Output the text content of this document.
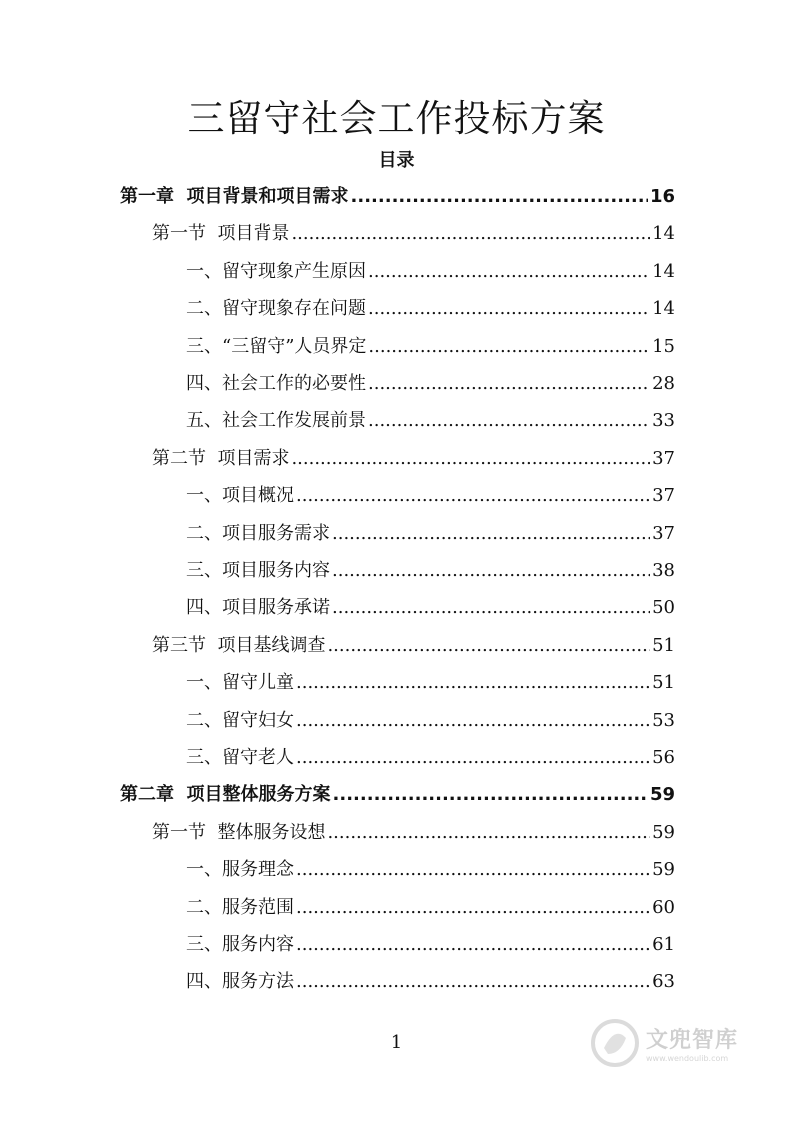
三留守社会工作投标方案
目录
第一章  项目背景和项目需求 .....	16
第一节  项目背景 .....	14
一、留守现象产生原因 .....	14
二、留守现象存在问题 .....	14
三、“三留守”人员界定 .....	15
四、社会工作的必要性 .....	28
五、社会工作发展前景 .....	33
第二节  项目需求 .....	37
一、项目概况 .....	37
二、项目服务需求 .....	37
三、项目服务内容 .....	38
四、项目服务承诺 .....	50
第三节  项目基线调查 .....	51
一、留守儿童 .....	51
二、留守妇女 .....	53
三、留守老人 .....	56
第二章  项目整体服务方案 .....	59
第一节  整体服务设想 .....	59
一、服务理念 .....	59
二、服务范围 .....	60
三、服务内容 .....	61
四、服务方法 .....	63
1	文兜智库
www.wendoulib.com
